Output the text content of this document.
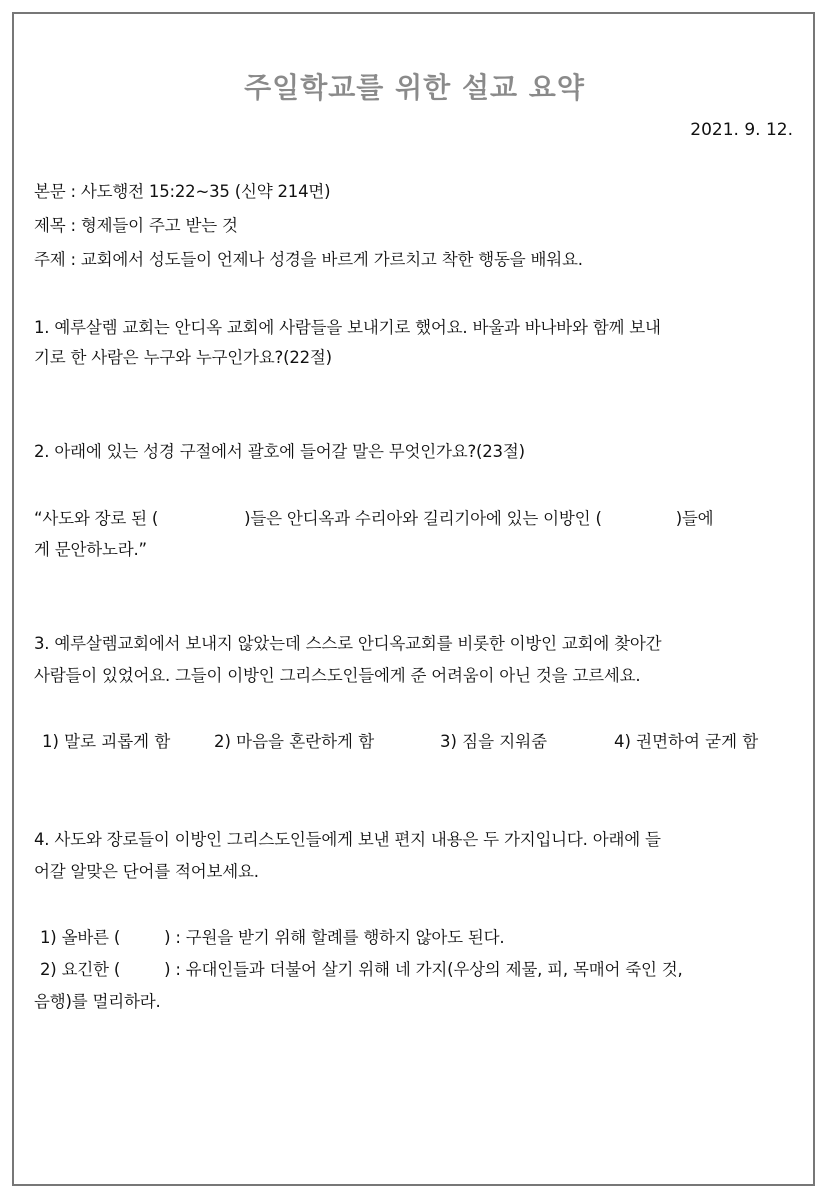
주일학교를 위한 설교 요약
2021. 9. 12.
본문 : 사도행전 15:22~35 (신약 214면)
제목 : 형제들이 주고 받는 것
주제 : 교회에서 성도들이 언제나 성경을 바르게 가르치고 착한 행동을 배워요.
1. 예루살렘 교회는 안디옥 교회에 사람들을 보내기로 했어요. 바울과 바나바와 함께 보내
기로 한 사람은 누구와 누구인가요?(22절)
2. 아래에 있는 성경 구절에서 괄호에 들어갈 말은 무엇인가요?(23절)
“사도와 장로 된 (	)들은 안디옥과 수리아와 길리기아에 있는 이방인 (	)들에
게 문안하노라.”
3. 예루살렘교회에서 보내지 않았는데 스스로 안디옥교회를 비롯한 이방인 교회에 찾아간
사람들이 있었어요. 그들이 이방인 그리스도인들에게 준 어려움이 아닌 것을 고르세요.
1) 말로 괴롭게 함	2) 마음을 혼란하게 함	3) 짐을 지워줌	4) 권면하여 굳게 함
4. 사도와 장로들이 이방인 그리스도인들에게 보낸 편지 내용은 두 가지입니다. 아래에 들
어갈 알맞은 단어를 적어보세요.
1) 올바른 (	) : 구원을 받기 위해 할례를 행하지 않아도 된다.
2) 요긴한 (	) : 유대인들과 더불어 살기 위해 네 가지(우상의 제물, 피, 목매어 죽인 것,
음행)를 멀리하라.
